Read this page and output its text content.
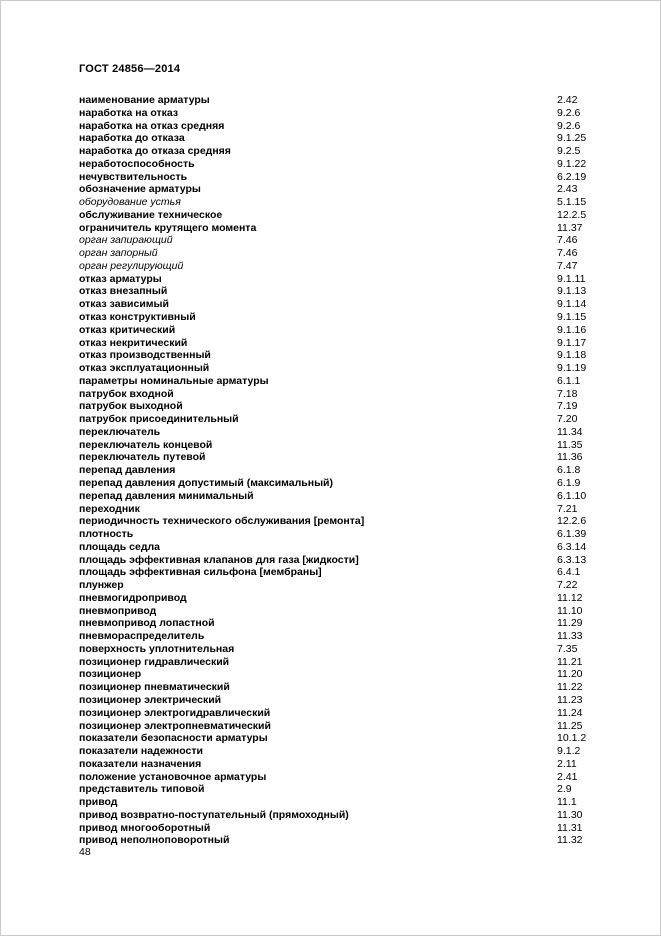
ГОСТ 24856—2014
наименование арматуры	2.42
наработка на отказ	9.2.6
наработка на отказ средняя	9.2.6
наработка до отказа	9.1.25
наработка до отказа средняя	9.2.5
неработоспособность	9.1.22
нечувствительность	6.2.19
обозначение арматуры	2.43
оборудование устья	5.1.15
обслуживание техническое	12.2.5
ограничитель крутящего момента	11.37
орган запирающий	7.46
орган запорный	7.46
орган регулирующий	7.47
отказ арматуры	9.1.11
отказ внезапный	9.1.13
отказ зависимый	9.1.14
отказ конструктивный	9.1.15
отказ критический	9.1.16
отказ некритический	9.1.17
отказ производственный	9.1.18
отказ эксплуатационный	9.1.19
параметры номинальные арматуры	6.1.1
патрубок входной	7.18
патрубок выходной	7.19
патрубок присоединительный	7.20
переключатель	11.34
переключатель концевой	11.35
переключатель путевой	11.36
перепад давления	6.1.8
перепад давления допустимый (максимальный)	6.1.9
перепад давления минимальный	6.1.10
переходник	7.21
периодичность технического обслуживания [ремонта]	12.2.6
плотность	6.1.39
площадь седла	6.3.14
площадь эффективная клапанов для газа [жидкости]	6.3.13
площадь эффективная сильфона [мембраны]	6.4.1
плунжер	7.22
пневмогидропривод	11.12
пневмопривод	11.10
пневмопривод лопастной	11.29
пневмораспределитель	11.33
поверхность уплотнительная	7.35
позиционер гидравлический	11.21
позиционер	11.20
позиционер пневматический	11.22
позиционер электрический	11.23
позиционер электрогидравлический	11.24
позиционер электропневматический	11.25
показатели безопасности арматуры	10.1.2
показатели надежности	9.1.2
показатели назначения	2.11
положение установочное арматуры	2.41
представитель типовой	2.9
привод	11.1
привод возвратно-поступательный (прямоходный)	11.30
привод многооборотный	11.31
привод неполноповоротный	11.32
48
